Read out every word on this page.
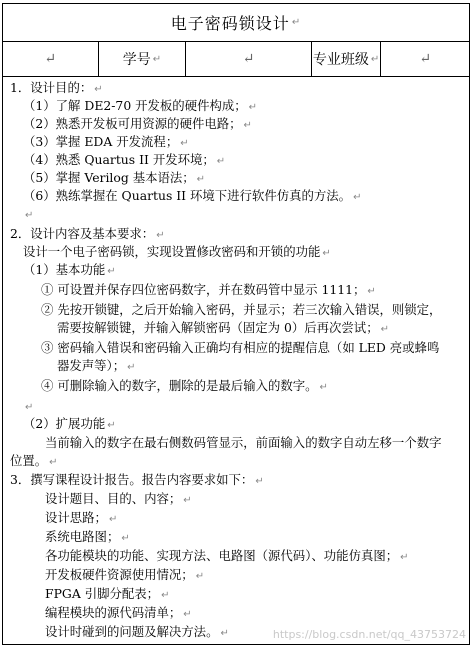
电子密码锁设计 ↵
↵	学号 ↵	↵	专业班级 ↵	↵
1．设计目的： ↵
（1）了解 DE2-70 开发板的硬件构成； ↵
（2）熟悉开发板可用资源的硬件电路； ↵
（3）掌握 EDA 开发流程； ↵
（4）熟悉 Quartus II 开发环境； ↵
（5）掌握 Verilog 基本语法； ↵
（6）熟练掌握在 Quartus II 环境下进行软件仿真的方法。 ↵
↵
2．设计内容及基本要求： ↵
设计一个电子密码锁，实现设置修改密码和开锁的功能 ↵
（1）基本功能 ↵
① 可设置并保存四位密码数字，并在数码管中显示 1111； ↵
② 先按开锁键，之后开始输入密码，并显示；若三次输入错误，则锁定，
需要按解锁键，并输入解锁密码（固定为 0）后再次尝试； ↵
③ 密码输入错误和密码输入正确均有相应的提醒信息（如 LED 亮或蜂鸣
器发声等）； ↵
④ 可删除输入的数字，删除的是最后输入的数字。 ↵
↵
（2）扩展功能 ↵
当前输入的数字在最右侧数码管显示，前面输入的数字自动左移一个数字
位置。 ↵
3．撰写课程设计报告。报告内容要求如下： ↵
设计题目、目的、内容； ↵
设计思路； ↵
系统电路图； ↵
各功能模块的功能、实现方法、电路图（源代码）、功能仿真图； ↵
开发板硬件资源使用情况； ↵
FPGA 引脚分配表； ↵
编程模块的源代码清单； ↵
设计时碰到的问题及解决方法。 ↵	https://blog.csdn.net/qq_43753724
